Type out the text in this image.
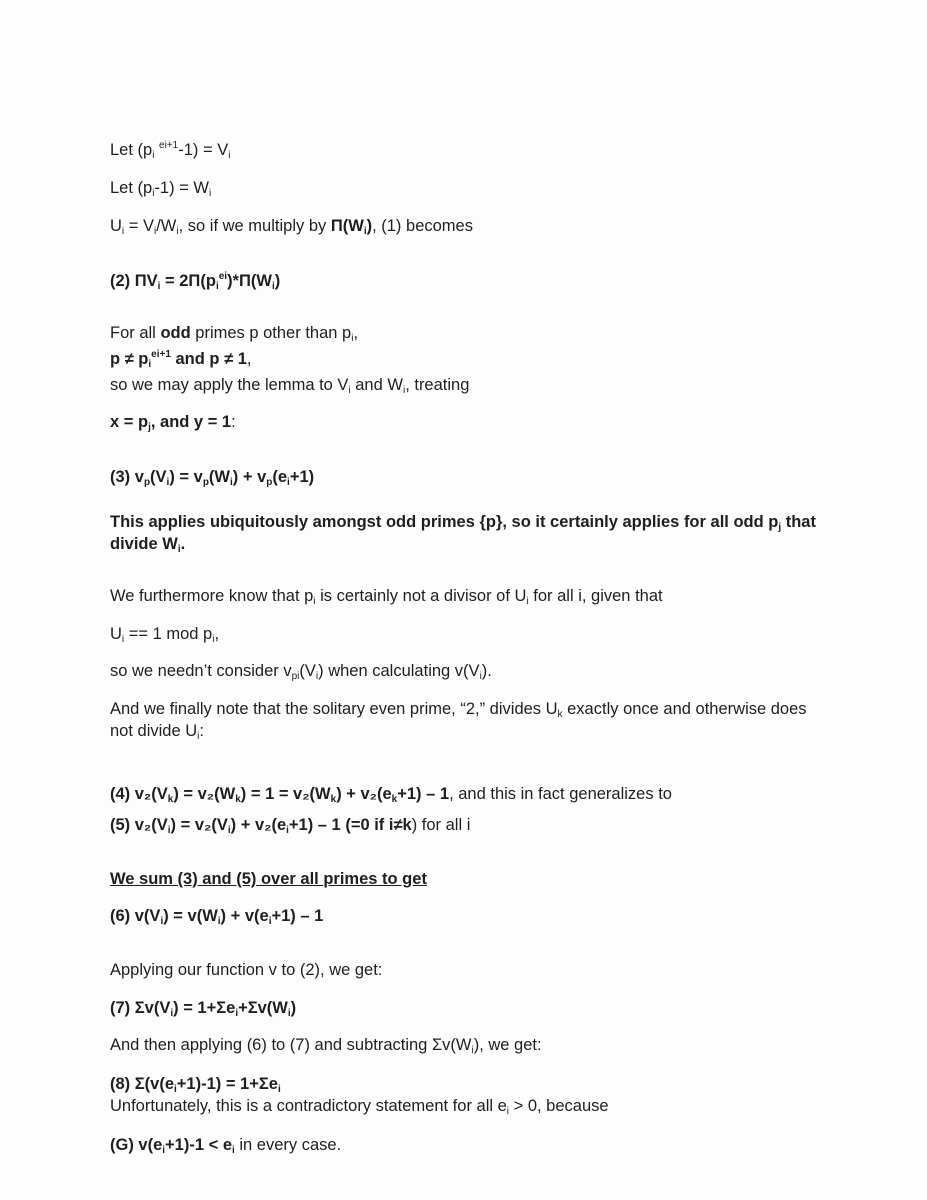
Let ($p_i$ $^{ei+1}-1) = V_i$
Let $(p_i-1) = W_i$
$U_i = V_i/W_i$, so if we multiply by $\Pi(W_i)$, (1) becomes
(2) $\Pi V_i = 2\Pi(p_i^{ei})*\Pi(W_i)$
For all odd primes p other than $p_i$,
$p \ne p_i^{ei+1}$ and p ≠ 1,
so we may apply the lemma to $V_i$ and $W_i$, treating
$x = p_j$, and y = 1:
(3) $v_p(V_i) = v_p(W_i) + v_p(e_i+1)$
This applies ubiquitously amongst odd primes {p}, so it certainly applies for all odd $p_j$ that divide $W_i$.
We furthermore know that $p_i$ is certainly not a divisor of $U_i$ for all i, given that
$U_i == 1$ mod $p_i$,
so we needn’t consider $v_{pi}(V_i)$ when calculating $v(V_i)$.
And we finally note that the solitary even prime, “2,” divides $U_k$ exactly once and otherwise does not divide $U_i$:
(4) $v_2(V_k) = v_2(W_k) = 1 = v_2(W_k) + v_2(e_k+1) - 1$, and this in fact generalizes to
(5) $v_2(V_i) = v_2(V_i) + v_2(e_i+1) - 1$ (=0 if i≠k) for all i
We sum (3) and (5) over all primes to get
(6) $v(V_i) = v(W_i) + v(e_i+1) - 1$
Applying our function v to (2), we get:
(7) $\Sigma v(V_i) = 1+\Sigma e_i+\Sigma v(W_i)$
And then applying (6) to (7) and subtracting $\Sigma v(W_i)$, we get:
(8) $\Sigma(v(e_i+1)-1) = 1+\Sigma e_i$
Unfortunately, this is a contradictory statement for all $e_i > 0$, because
(G) $v(e_i+1)-1 < e_i$ in every case.
